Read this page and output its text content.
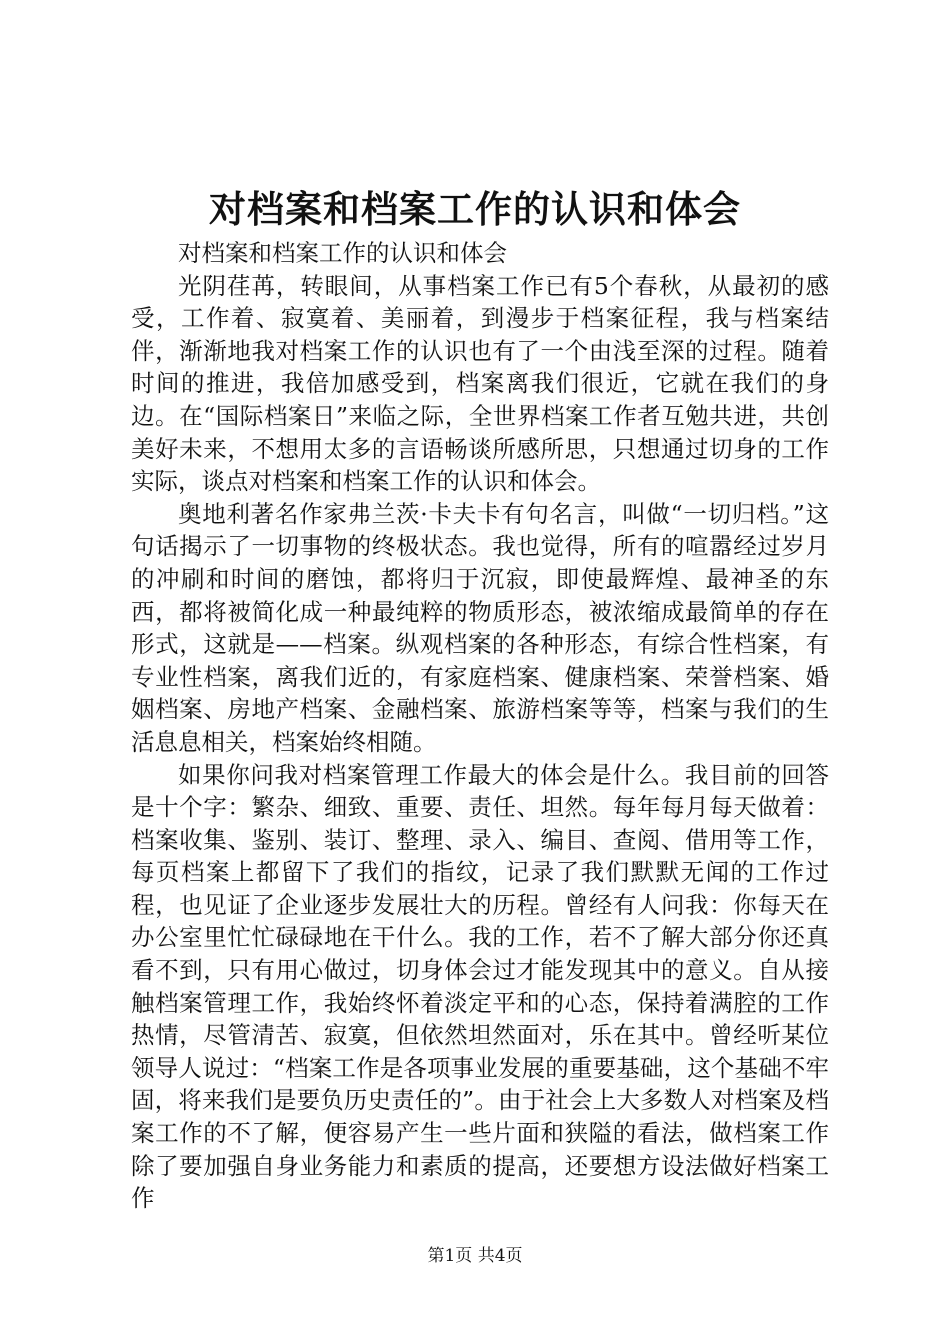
对档案和档案工作的认识和体会

对档案和档案工作的认识和体会

光阴荏苒，转眼间，从事档案工作已有5个春秋，从最初的感受，工作着、寂寞着、美丽着，到漫步于档案征程，我与档案结伴，渐渐地我对档案工作的认识也有了一个由浅至深的过程。随着时间的推进，我倍加感受到，档案离我们很近，它就在我们的身边。在“国际档案日”来临之际，全世界档案工作者互勉共进，共创美好未来，不想用太多的言语畅谈所感所思，只想通过切身的工作实际，谈点对档案和档案工作的认识和体会。

奥地利著名作家弗兰茨·卡夫卡有句名言，叫做“一切归档。”这句话揭示了一切事物的终极状态。我也觉得，所有的喧嚣经过岁月的冲刷和时间的磨蚀，都将归于沉寂，即使最辉煌、最神圣的东西，都将被简化成一种最纯粹的物质形态，被浓缩成最简单的存在形式，这就是——档案。纵观档案的各种形态，有综合性档案，有专业性档案，离我们近的，有家庭档案、健康档案、荣誉档案、婚姻档案、房地产档案、金融档案、旅游档案等等，档案与我们的生活息息相关，档案始终相随。

如果你问我对档案管理工作最大的体会是什么。我目前的回答是十个字：繁杂、细致、重要、责任、坦然。每年每月每天做着：档案收集、鉴别、装订、整理、录入、编目、查阅、借用等工作，每页档案上都留下了我们的指纹，记录了我们默默无闻的工作过程，也见证了企业逐步发展壮大的历程。曾经有人问我：你每天在办公室里忙忙碌碌地在干什么。我的工作，若不了解大部分你还真看不到，只有用心做过，切身体会过才能发现其中的意义。自从接触档案管理工作，我始终怀着淡定平和的心态，保持着满腔的工作热情，尽管清苦、寂寞，但依然坦然面对，乐在其中。曾经听某位领导人说过：“档案工作是各项事业发展的重要基础，这个基础不牢固，将来我们是要负历史责任的”。由于社会上大多数人对档案及档案工作的不了解，便容易产生一些片面和狭隘的看法，做档案工作除了要加强自身业务能力和素质的提高，还要想方设法做好档案工作

第1页 共4页
